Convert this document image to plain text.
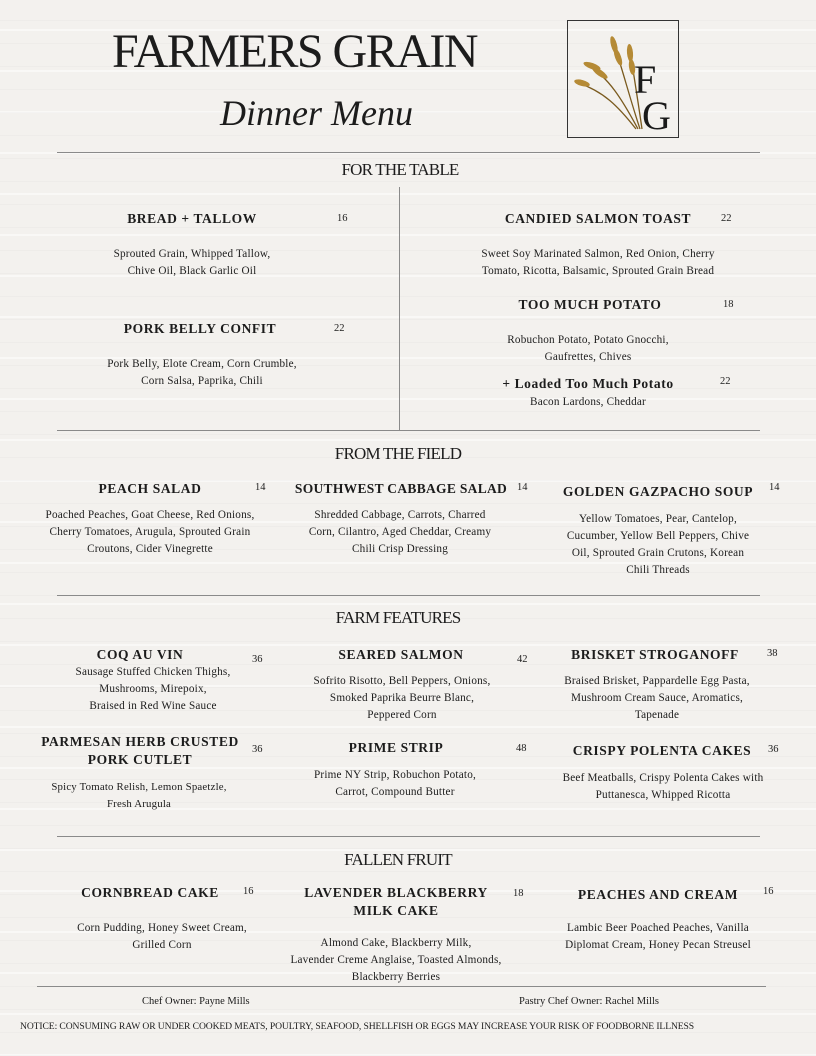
FARMERS GRAIN
Dinner Menu
F
G
FOR THE TABLE
BREAD + TALLOW	16
Sprouted Grain, Whipped Tallow,
Chive Oil, Black Garlic Oil
PORK BELLY CONFIT	22
Pork Belly, Elote Cream, Corn Crumble,
Corn Salsa, Paprika, Chili
CANDIED SALMON TOAST	22
Sweet Soy Marinated Salmon, Red Onion, Cherry
Tomato, Ricotta, Balsamic, Sprouted Grain Bread
TOO MUCH POTATO	18
Robuchon Potato, Potato Gnocchi,
Gaufrettes, Chives
+ Loaded Too Much Potato	22
Bacon Lardons, Cheddar
FROM THE FIELD
PEACH SALAD	14
Poached Peaches, Goat Cheese, Red Onions,
Cherry Tomatoes, Arugula, Sprouted Grain
Croutons, Cider Vinegrette
SOUTHWEST CABBAGE SALAD 14
Shredded Cabbage, Carrots, Charred
Corn, Cilantro, Aged Cheddar, Creamy
Chili Crisp Dressing
GOLDEN GAZPACHO SOUP	14
Yellow Tomatoes, Pear, Cantelop,
Cucumber, Yellow Bell Peppers, Chive
Oil, Sprouted Grain Crutons, Korean
Chili Threads
FARM FEATURES
COQ AU VIN	36
Sausage Stuffed Chicken Thighs,
Mushrooms, Mirepoix,
Braised in Red Wine Sauce
PARMESAN HERB CRUSTED
PORK CUTLET
36
Spicy Tomato Relish, Lemon Spaetzle,
Fresh Arugula
SEARED SALMON	42
Sofrito Risotto, Bell Peppers, Onions,
Smoked Paprika Beurre Blanc,
Peppered Corn
PRIME STRIP	48
Prime NY Strip, Robuchon Potato,
Carrot, Compound Butter
BRISKET STROGANOFF	38
Braised Brisket, Pappardelle Egg Pasta,
Mushroom Cream Sauce, Aromatics,
Tapenade
CRISPY POLENTA CAKES	36
Beef Meatballs, Crispy Polenta Cakes with
Puttanesca, Whipped Ricotta
FALLEN FRUIT
CORNBREAD CAKE	16
Corn Pudding, Honey Sweet Cream,
Grilled Corn
LAVENDER BLACKBERRY
MILK CAKE
18
Almond Cake, Blackberry Milk,
Lavender Creme Anglaise, Toasted Almonds,
Blackberry Berries
PEACHES AND CREAM	16
Lambic Beer Poached Peaches, Vanilla
Diplomat Cream, Honey Pecan Streusel
Chef Owner: Payne Mills	Pastry Chef Owner: Rachel Mills
NOTICE: CONSUMING RAW OR UNDER COOKED MEATS, POULTRY, SEAFOOD, SHELLFISH OR EGGS MAY INCREASE YOUR RISK OF FOODBORNE ILLNESS
